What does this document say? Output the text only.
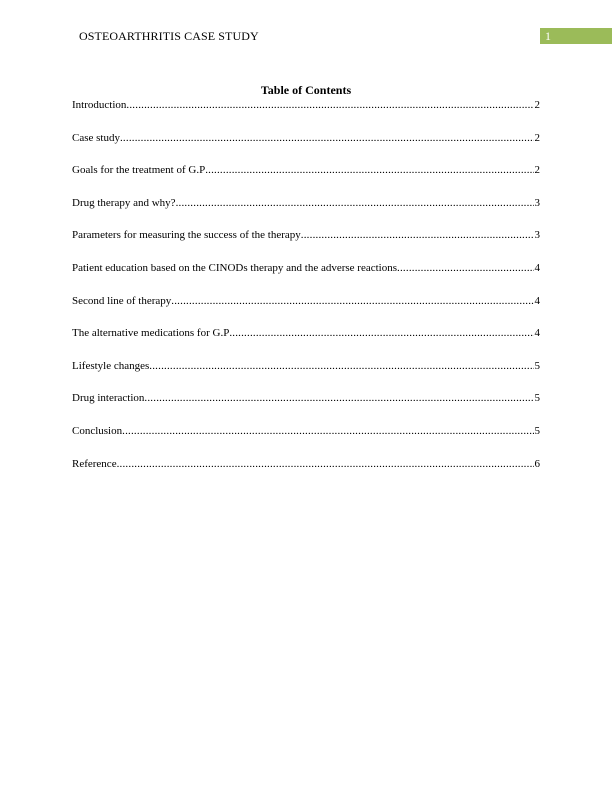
OSTEOARTHRITIS CASE STUDY	1
Table of Contents
Introduction .....	2
Case study .....	2
Goals for the treatment of G.P .....	2
Drug therapy and why? .....	3
Parameters for measuring the success of the therapy .....	3
Patient education based on the CINODs therapy and the adverse reactions .....	4
Second line of therapy .....	4
The alternative medications for G.P .....	4
Lifestyle changes .....	5
Drug interaction .....	5
Conclusion .....	5
Reference .....	6
